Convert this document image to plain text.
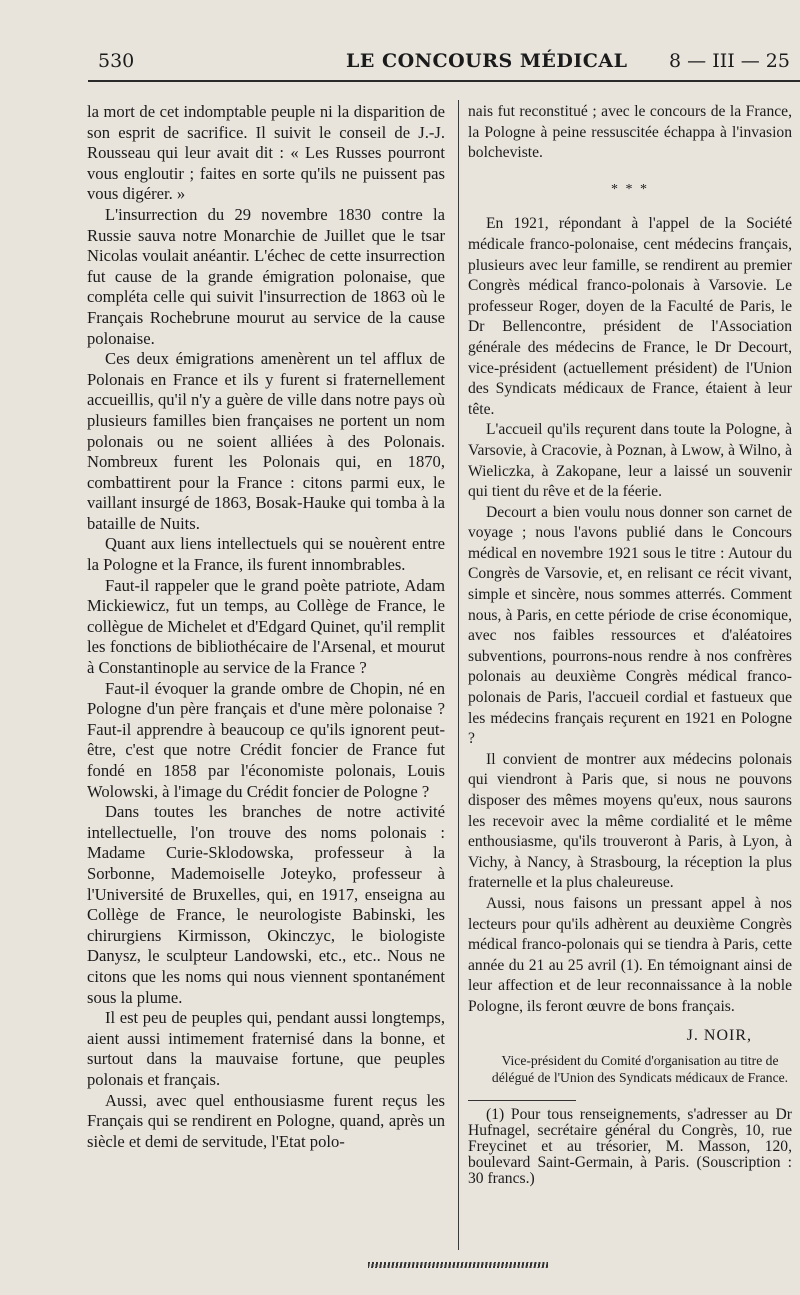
530	LE CONCOURS MÉDICAL 8 — III — 25

la mort de cet indomptable peuple ni la disparition de son esprit de sacrifice. Il suivit le conseil de J.-J. Rousseau qui leur avait dit : « Les Russes pourront vous engloutir ; faites en sorte qu'ils ne puissent pas vous digérer. »

L'insurrection du 29 novembre 1830 contre la Russie sauva notre Monarchie de Juillet que le tsar Nicolas voulait anéantir. L'échec de cette insurrection fut cause de la grande émigration polonaise, que compléta celle qui suivit l'insurrection de 1863 où le Français Rochebrune mourut au service de la cause polonaise.

Ces deux émigrations amenèrent un tel afflux de Polonais en France et ils y furent si fraternellement accueillis, qu'il n'y a guère de ville dans notre pays où plusieurs familles bien françaises ne portent un nom polonais ou ne soient alliées à des Polonais. Nombreux furent les Polonais qui, en 1870, combattirent pour la France : citons parmi eux, le vaillant insurgé de 1863, Bosak-Hauke qui tomba à la bataille de Nuits.

Quant aux liens intellectuels qui se nouèrent entre la Pologne et la France, ils furent innombrables.

Faut-il rappeler que le grand poète patriote, Adam Mickiewicz, fut un temps, au Collège de France, le collègue de Michelet et d'Edgard Quinet, qu'il remplit les fonctions de bibliothécaire de l'Arsenal, et mourut à Constantinople au service de la France ?

Faut-il évoquer la grande ombre de Chopin, né en Pologne d'un père français et d'une mère polonaise ? Faut-il apprendre à beaucoup ce qu'ils ignorent peut-être, c'est que notre Crédit foncier de France fut fondé en 1858 par l'économiste polonais, Louis Wolowski, à l'image du Crédit foncier de Pologne ?

Dans toutes les branches de notre activité intellectuelle, l'on trouve des noms polonais : Madame Curie-Sklodowska, professeur à la Sorbonne, Mademoiselle Joteyko, professeur à l'Université de Bruxelles, qui, en 1917, enseigna au Collège de France, le neurologiste Babinski, les chirurgiens Kirmisson, Okinczyc, le biologiste Danysz, le sculpteur Landowski, etc., etc.. Nous ne citons que les noms qui nous viennent spontanément sous la plume.

Il est peu de peuples qui, pendant aussi longtemps, aient aussi intimement fraternisé dans la bonne, et surtout dans la mauvaise fortune, que peuples polonais et français.

Aussi, avec quel enthousiasme furent reçus les Français qui se rendirent en Pologne, quand, après un siècle et demi de servitude, l'Etat polo-

nais fut reconstitué ; avec le concours de la France, la Pologne à peine ressuscitée échappa à l'invasion bolcheviste.

* * *

En 1921, répondant à l'appel de la Société médicale franco-polonaise, cent médecins français, plusieurs avec leur famille, se rendirent au premier Congrès médical franco-polonais à Varsovie. Le professeur Roger, doyen de la Faculté de Paris, le Dr Bellencontre, président de l'Association générale des médecins de France, le Dr Decourt, vice-président (actuellement président) de l'Union des Syndicats médicaux de France, étaient à leur tête.

L'accueil qu'ils reçurent dans toute la Pologne, à Varsovie, à Cracovie, à Poznan, à Lwow, à Wilno, à Wieliczka, à Zakopane, leur a laissé un souvenir qui tient du rêve et de la féerie.

Decourt a bien voulu nous donner son carnet de voyage ; nous l'avons publié dans le Concours médical en novembre 1921 sous le titre : Autour du Congrès de Varsovie, et, en relisant ce récit vivant, simple et sincère, nous sommes atterrés. Comment nous, à Paris, en cette période de crise économique, avec nos faibles ressources et d'aléatoires subventions, pourrons-nous rendre à nos confrères polonais au deuxième Congrès médical franco-polonais de Paris, l'accueil cordial et fastueux que les médecins français reçurent en 1921 en Pologne ?

Il convient de montrer aux médecins polonais qui viendront à Paris que, si nous ne pouvons disposer des mêmes moyens qu'eux, nous saurons les recevoir avec la même cordialité et le même enthousiasme, qu'ils trouveront à Paris, à Lyon, à Vichy, à Nancy, à Strasbourg, la réception la plus fraternelle et la plus chaleureuse.

Aussi, nous faisons un pressant appel à nos lecteurs pour qu'ils adhèrent au deuxième Congrès médical franco-polonais qui se tiendra à Paris, cette année du 21 au 25 avril (1). En témoignant ainsi de leur affection et de leur reconnaissance à la noble Pologne, ils feront œuvre de bons français.

J. NOIR,
Vice-président du Comité d'organisation au titre de délégué de l'Union des Syndicats médicaux de France.

(1) Pour tous renseignements, s'adresser au Dr Hufnagel, secrétaire général du Congrès, 10, rue Freycinet et au trésorier, M. Masson, 120, boulevard Saint-Germain, à Paris. (Souscription : 30 francs.)
